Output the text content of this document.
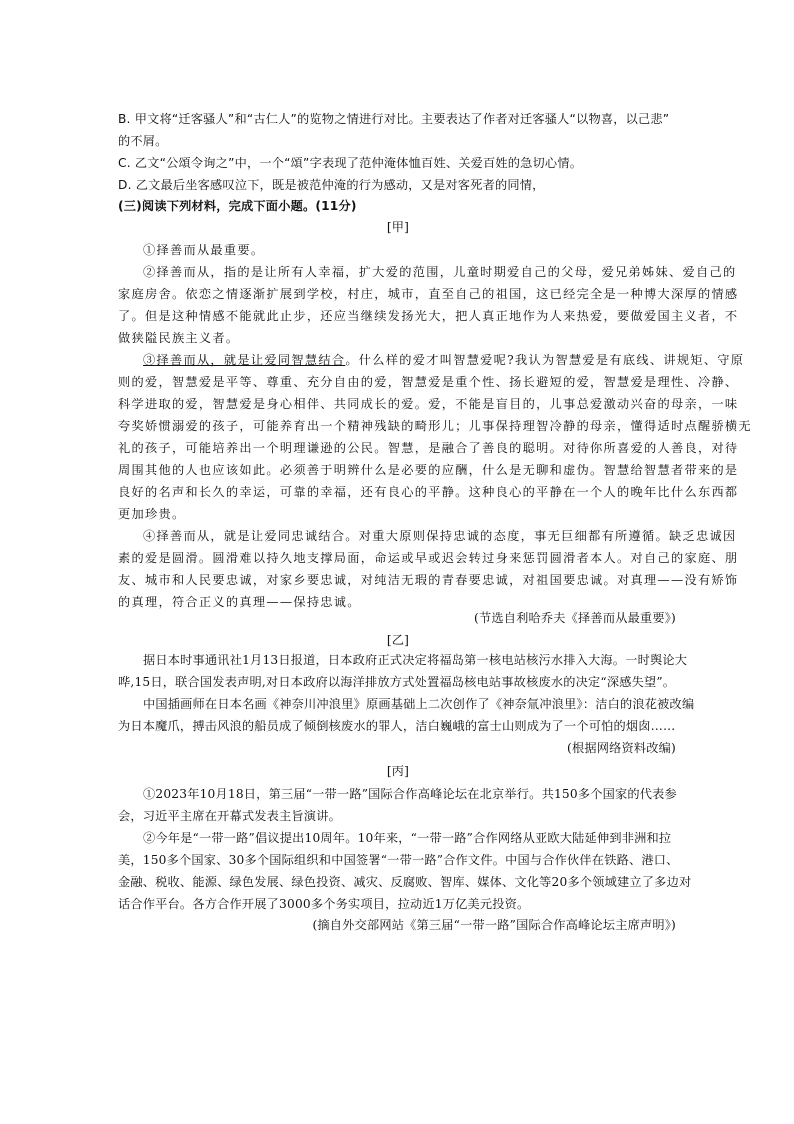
B. 甲文将“迁客骚人”和“古仁人”的览物之情进行对比。主要表达了作者对迁客骚人“以物喜，以己悲”
的不屑。
C. 乙文“公頌令询之”中，一个“頌”字表现了范仲淹体恤百姓、关爱百姓的急切心情。
D. 乙文最后坐客感叹泣下，既是被范仲淹的行为感动，又是对客死者的同情，
(三)阅读下列材料，完成下面小题。(11分)
[甲]
①择善而从最重要。
②择善而从，指的是让所有人幸福，扩大爱的范围，儿童时期爱自己的父母，爱兄弟姊妹、爱自己的
家庭房舍。依恋之情逐渐扩展到学校，村庄，城市，直至自己的祖国，这已经完全是一种博大深厚的情感
了。但是这种情感不能就此止步，还应当继续发扬光大，把人真正地作为人来热爱，要做爱国主义者，不
做狭隘民族主义者。
③择善而从，就是让爱同智慧结合。什么样的爱才叫智慧爱呢?我认为智慧爱是有底线、讲规矩、守原
则的爱，智慧爱是平等、尊重、充分自由的爱，智慧爱是重个性、扬长避短的爱，智慧爱是理性、冷静、
科学进取的爱，智慧爱是身心相伴、共同成长的爱。爱，不能是盲目的，儿事总爱激动兴奋的母亲，一味
夸奖娇惯溺爱的孩子，可能养育出一个精神残缺的畸形儿；儿事保持理智冷静的母亲，懂得适时点醒骄横无
礼的孩子，可能培养出一个明理谦逊的公民。智慧，是融合了善良的聪明。对待你所喜爱的人善良，对待
周围其他的人也应该如此。必须善于明辨什么是必要的应酬，什么是无聊和虚伪。智慧给智慧者带来的是
良好的名声和长久的幸运，可靠的幸福，还有良心的平静。这种良心的平静在一个人的晚年比什么东西都
更加珍贵。
④择善而从，就是让爱同忠诚结合。对重大原则保持忠诚的态度，事无巨细都有所遵循。缺乏忠诚因
素的爱是圆滑。圆滑难以持久地支撑局面，命运或早或迟会转过身来惩罚圆滑者本人。对自己的家庭、朋
友、城市和人民要忠诚，对家乡要忠诚，对纯洁无瑕的青春要忠诚，对祖国要忠诚。对真理——没有矫饰
的真理，符合正义的真理——保持忠诚。
(节选自利哈乔夫《择善而从最重要》)
[乙]
据日本时事通讯社1月13日报道，日本政府正式决定将福岛第一核电站核污水排入大海。一时舆论大
哗,15日，联合国发表声明,对日本政府以海洋排放方式处置福岛核电站事故核废水的决定“深感失望”。
中国插画师在日本名画《神奈川冲浪里》原画基础上二次创作了《神奈氚冲浪里》：洁白的浪花被改编
为日本魔爪，搏击风浪的船员成了倾倒核废水的罪人，洁白巍峨的富士山则成为了一个可怕的烟囱……
(根据网络资料改编)
[丙]
①2023年10月18日，第三届“一带一路”国际合作高峰论坛在北京举行。共150多个国家的代表参
会，习近平主席在开幕式发表主旨演讲。
②今年是“一带一路”倡议提出10周年。10年来，“一带一路”合作网络从亚欧大陆延伸到非洲和拉
美，150多个国家、30多个国际组织和中国签署“一带一路”合作文件。中国与合作伙伴在铁路、港口、
金融、税收、能源、绿色发展、绿色投资、减灾、反腐败、智库、媒体、文化等20多个领域建立了多边对
话合作平台。各方合作开展了3000多个务实项目，拉动近1万亿美元投资。
(摘自外交部网站《第三届“一带一路”国际合作高峰论坛主席声明》)
